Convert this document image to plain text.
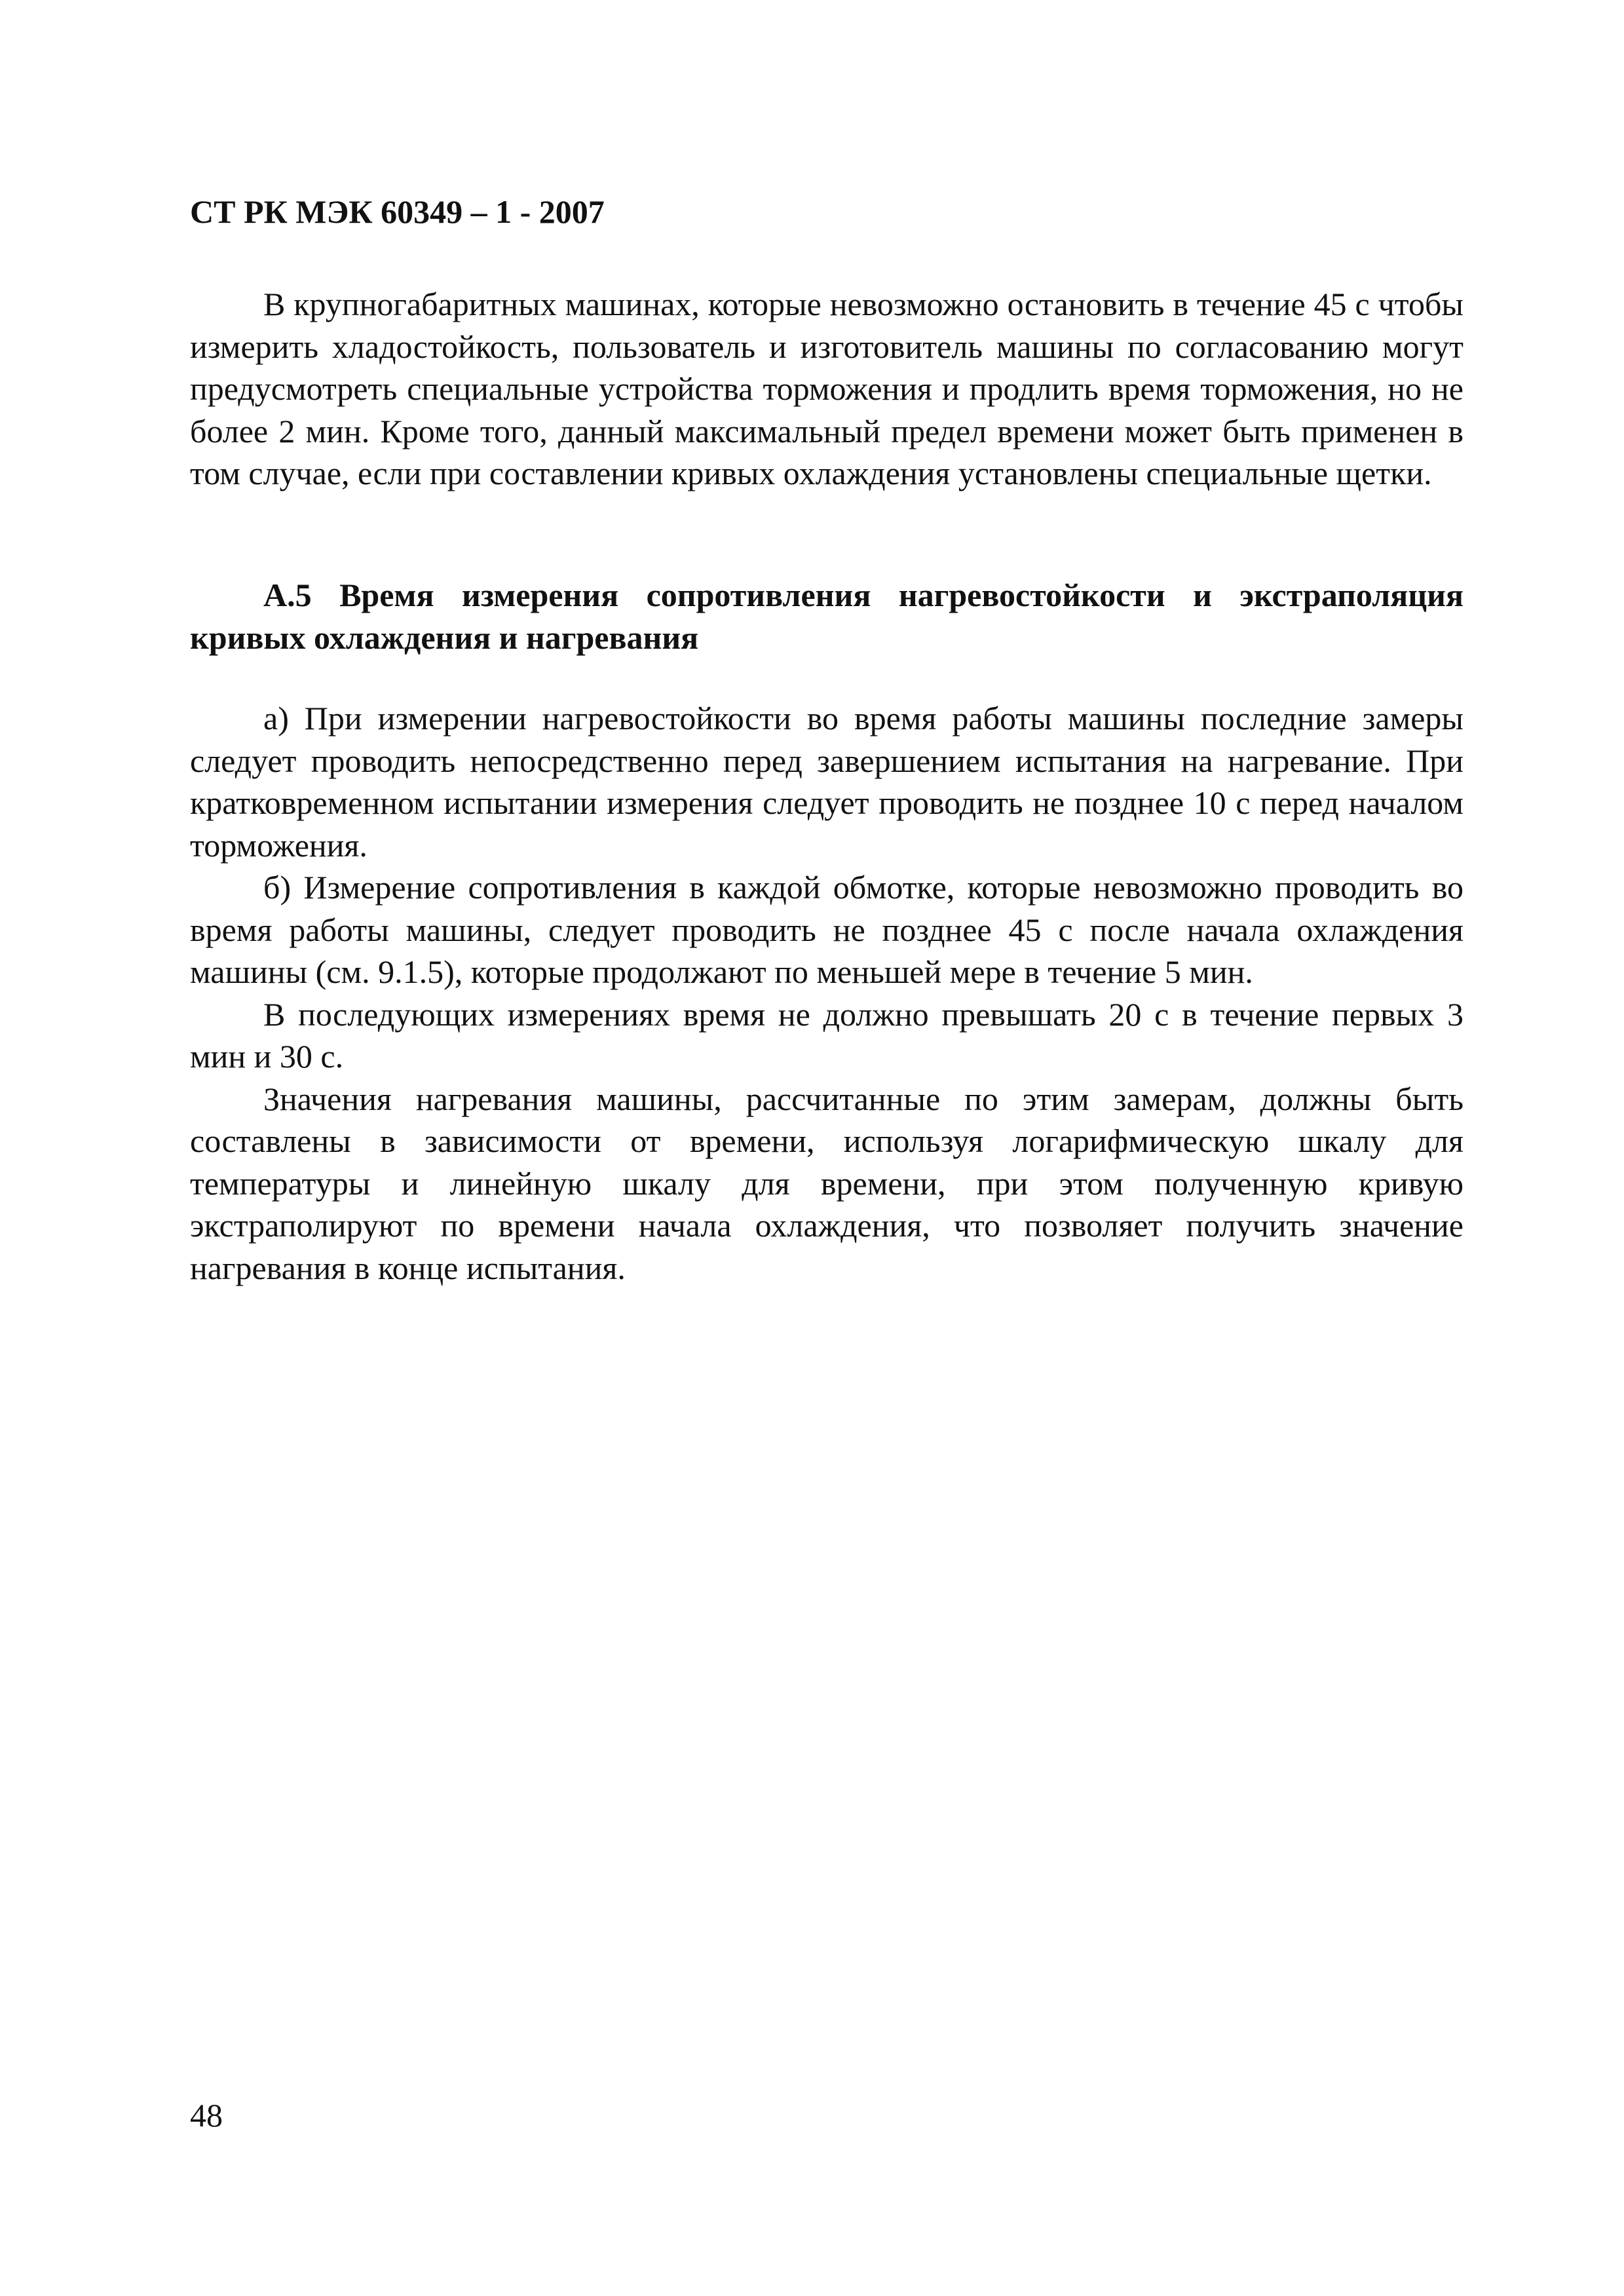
СТ РК МЭК 60349 – 1 - 2007

В крупногабаритных машинах, которые невозможно остановить в течение 45 с чтобы измерить хладостойкость, пользователь и изготовитель машины по согласованию могут предусмотреть специальные устройства торможения и продлить время торможения, но не более 2 мин. Кроме того, данный максимальный предел времени может быть применен в том случае, если при составлении кривых охлаждения установлены специальные щетки.

А.5 Время измерения сопротивления нагревостойкости и экстраполяция кривых охлаждения и нагревания

а) При измерении нагревостойкости во время работы машины последние замеры следует проводить непосредственно перед завершением испытания на нагревание. При кратковременном испытании измерения следует проводить не позднее 10 с перед началом торможения.

б) Измерение сопротивления в каждой обмотке, которые невозможно проводить во время работы машины, следует проводить не позднее 45 с после начала охлаждения машины (см. 9.1.5), которые продолжают по меньшей мере в течение 5 мин.

В последующих измерениях время не должно превышать 20 с в течение первых 3 мин и 30 с.

Значения нагревания машины, рассчитанные по этим замерам, должны быть составлены в зависимости от времени, используя логарифмическую шкалу для температуры и линейную шкалу для времени, при этом полученную кривую экстраполируют по времени начала охлаждения, что позволяет получить значение нагревания в конце испытания.

48
